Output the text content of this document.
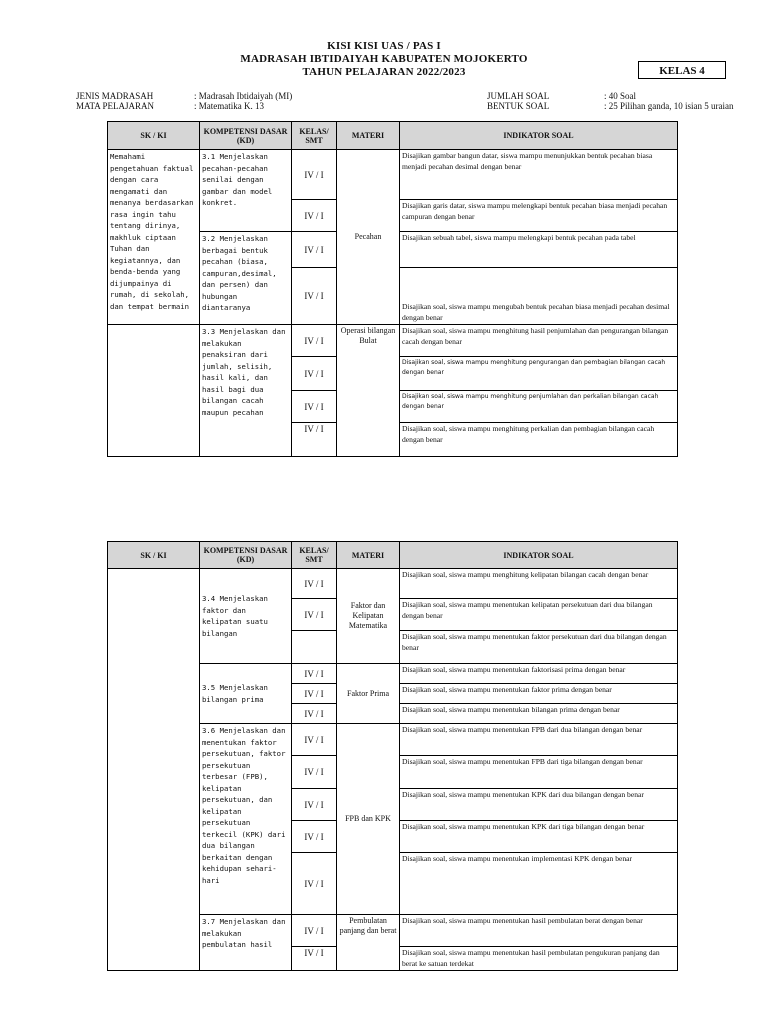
KISI KISI UAS / PAS I
MADRASAH IBTIDAIYAH KABUPATEN MOJOKERTO
TAHUN PELAJARAN 2022/2023	KELAS 4
JENIS MADRASAH	: Madrasah Ibtidaiyah (MI)
MATA PELAJARAN	: Matematika K. 13
JUMLAH SOAL	: 40 Soal
BENTUK SOAL	: 25 Pilihan ganda, 10 isian 5 uraian
SK / KI	KOMPETENSI DASAR (KD)	KELAS/ SMT	MATERI	INDIKATOR SOAL
Memahami pengetahuan faktual dengan cara mengamati dan menanya berdasarkan rasa ingin tahu tentang dirinya, makhluk ciptaan Tuhan dan kegiatannya, dan benda-benda yang dijumpainya di rumah, di sekolah, dan tempat bermain	3.1 Menjelaskan pecahan-pecahan senilai dengan gambar dan model konkret.	IV / I	Pecahan	Disajikan gambar bangun datar, siswa mampu menunjukkan bentuk pecahan biasa menjadi pecahan desimal dengan benar
		IV / I		Disajikan garis datar, siswa mampu melengkapi bentuk pecahan biasa menjadi pecahan campuran dengan benar
	3.2 Menjelaskan berbagai bentuk pecahan (biasa, campuran,desimal, dan persen) dan hubungan diantaranya	IV / I		Disajikan sebuah tabel, siswa mampu melengkapi bentuk pecahan pada tabel
		IV / I		Disajikan soal, siswa mampu mengubah bentuk pecahan biasa menjadi pecahan desimal dengan benar
	3.3 Menjelaskan dan melakukan penaksiran dari jumlah, selisih, hasil kali, dan hasil bagi dua bilangan cacah maupun pecahan	IV / I	Operasi bilangan Bulat	Disajikan soal, siswa mampu menghitung hasil penjumlahan dan pengurangan bilangan cacah dengan benar
		IV / I		Disajikan soal, siswa mampu menghitung pengurangan dan pembagian bilangan cacah dengan benar
		IV / I		Disajikan soal, siswa mampu menghitung penjumlahan dan perkalian bilangan cacah dengan benar
		IV / I		Disajikan soal, siswa mampu menghitung perkalian dan pembagian bilangan cacah dengan benar
SK / KI	KOMPETENSI DASAR (KD)	KELAS/ SMT	MATERI	INDIKATOR SOAL
	3.4 Menjelaskan faktor dan kelipatan suatu bilangan	IV / I	Faktor dan Kelipatan Matematika	Disajikan soal, siswa mampu menghitung kelipatan bilangan cacah dengan benar
		IV / I		Disajikan soal, siswa mampu menentukan kelipatan persekutuan dari dua bilangan dengan benar
				Disajikan soal, siswa mampu menentukan faktor persekutuan dari dua bilangan dengan benar
	3.5 Menjelaskan bilangan prima	IV / I	Faktor Prima	Disajikan soal, siswa mampu menentukan faktorisasi prima dengan benar
		IV / I		Disajikan soal, siswa mampu menentukan faktor prima dengan benar
		IV / I		Disajikan soal, siswa mampu menentukan bilangan prima dengan benar
	3.6 Menjelaskan dan menentukan faktor persekutuan, faktor persekutuan terbesar (FPB), kelipatan persekutuan, dan kelipatan persekutuan terkecil (KPK) dari dua bilangan berkaitan dengan kehidupan sehari-hari	IV / I	FPB dan KPK	Disajikan soal, siswa mampu menentukan FPB dari dua bilangan dengan benar
		IV / I		Disajikan soal, siswa mampu menentukan FPB dari tiga bilangan dengan benar
		IV / I		Disajikan soal, siswa mampu menentukan KPK dari dua bilangan dengan benar
		IV / I		Disajikan soal, siswa mampu menentukan KPK dari tiga bilangan dengan benar
		IV / I		Disajikan soal, siswa mampu menentukan implementasi KPK dengan benar
	3.7 Menjelaskan dan melakukan pembulatan hasil	IV / I	Pembulatan panjang dan berat	Disajikan soal, siswa mampu menentukan hasil pembulatan berat dengan benar
		IV / I		Disajikan soal, siswa mampu menentukan hasil pembulatan pengukuran panjang dan berat ke satuan terdekat
